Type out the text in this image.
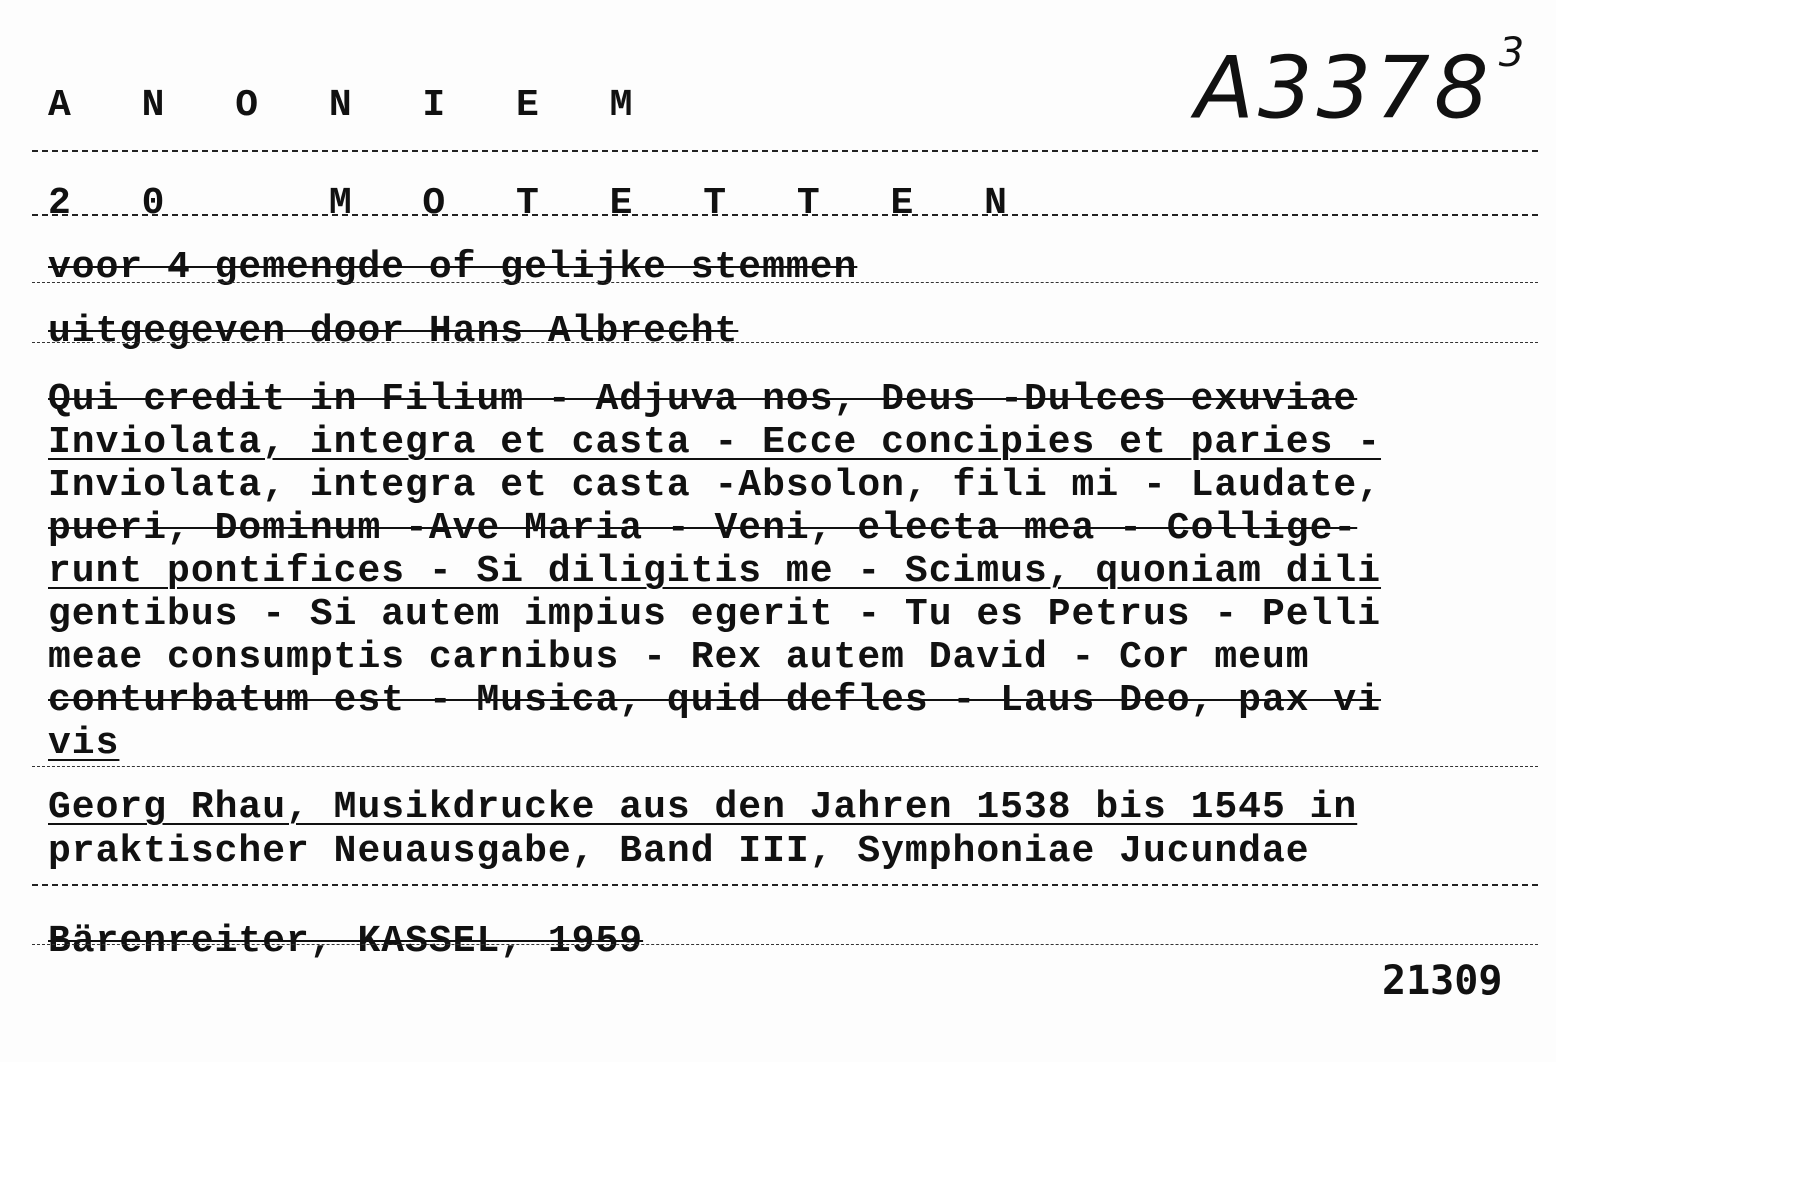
A N O N I E M	A3378 $^3$
2 0   M O T E T T E N
voor 4 gemengde of gelijke stemmen
uitgegeven door Hans Albrecht
Qui credit in Filium - Adjuva nos, Deus -Dulces exuviae
Inviolata, integra et casta - Ecce concipies et paries -
Inviolata, integra et casta -Absolon, fili mi - Laudate,
pueri, Dominum -Ave Maria - Veni, electa mea - Collige-
runt pontifices - Si diligitis me - Scimus, quoniam dili
gentibus - Si autem impius egerit - Tu es Petrus - Pelli
meae consumptis carnibus - Rex autem David - Cor meum
conturbatum est - Musica, quid defles - Laus Deo, pax vi
vis
Georg Rhau, Musikdrucke aus den Jahren 1538 bis 1545 in
praktischer Neuausgabe, Band III, Symphoniae Jucundae
Bärenreiter, KASSEL, 1959
21309
